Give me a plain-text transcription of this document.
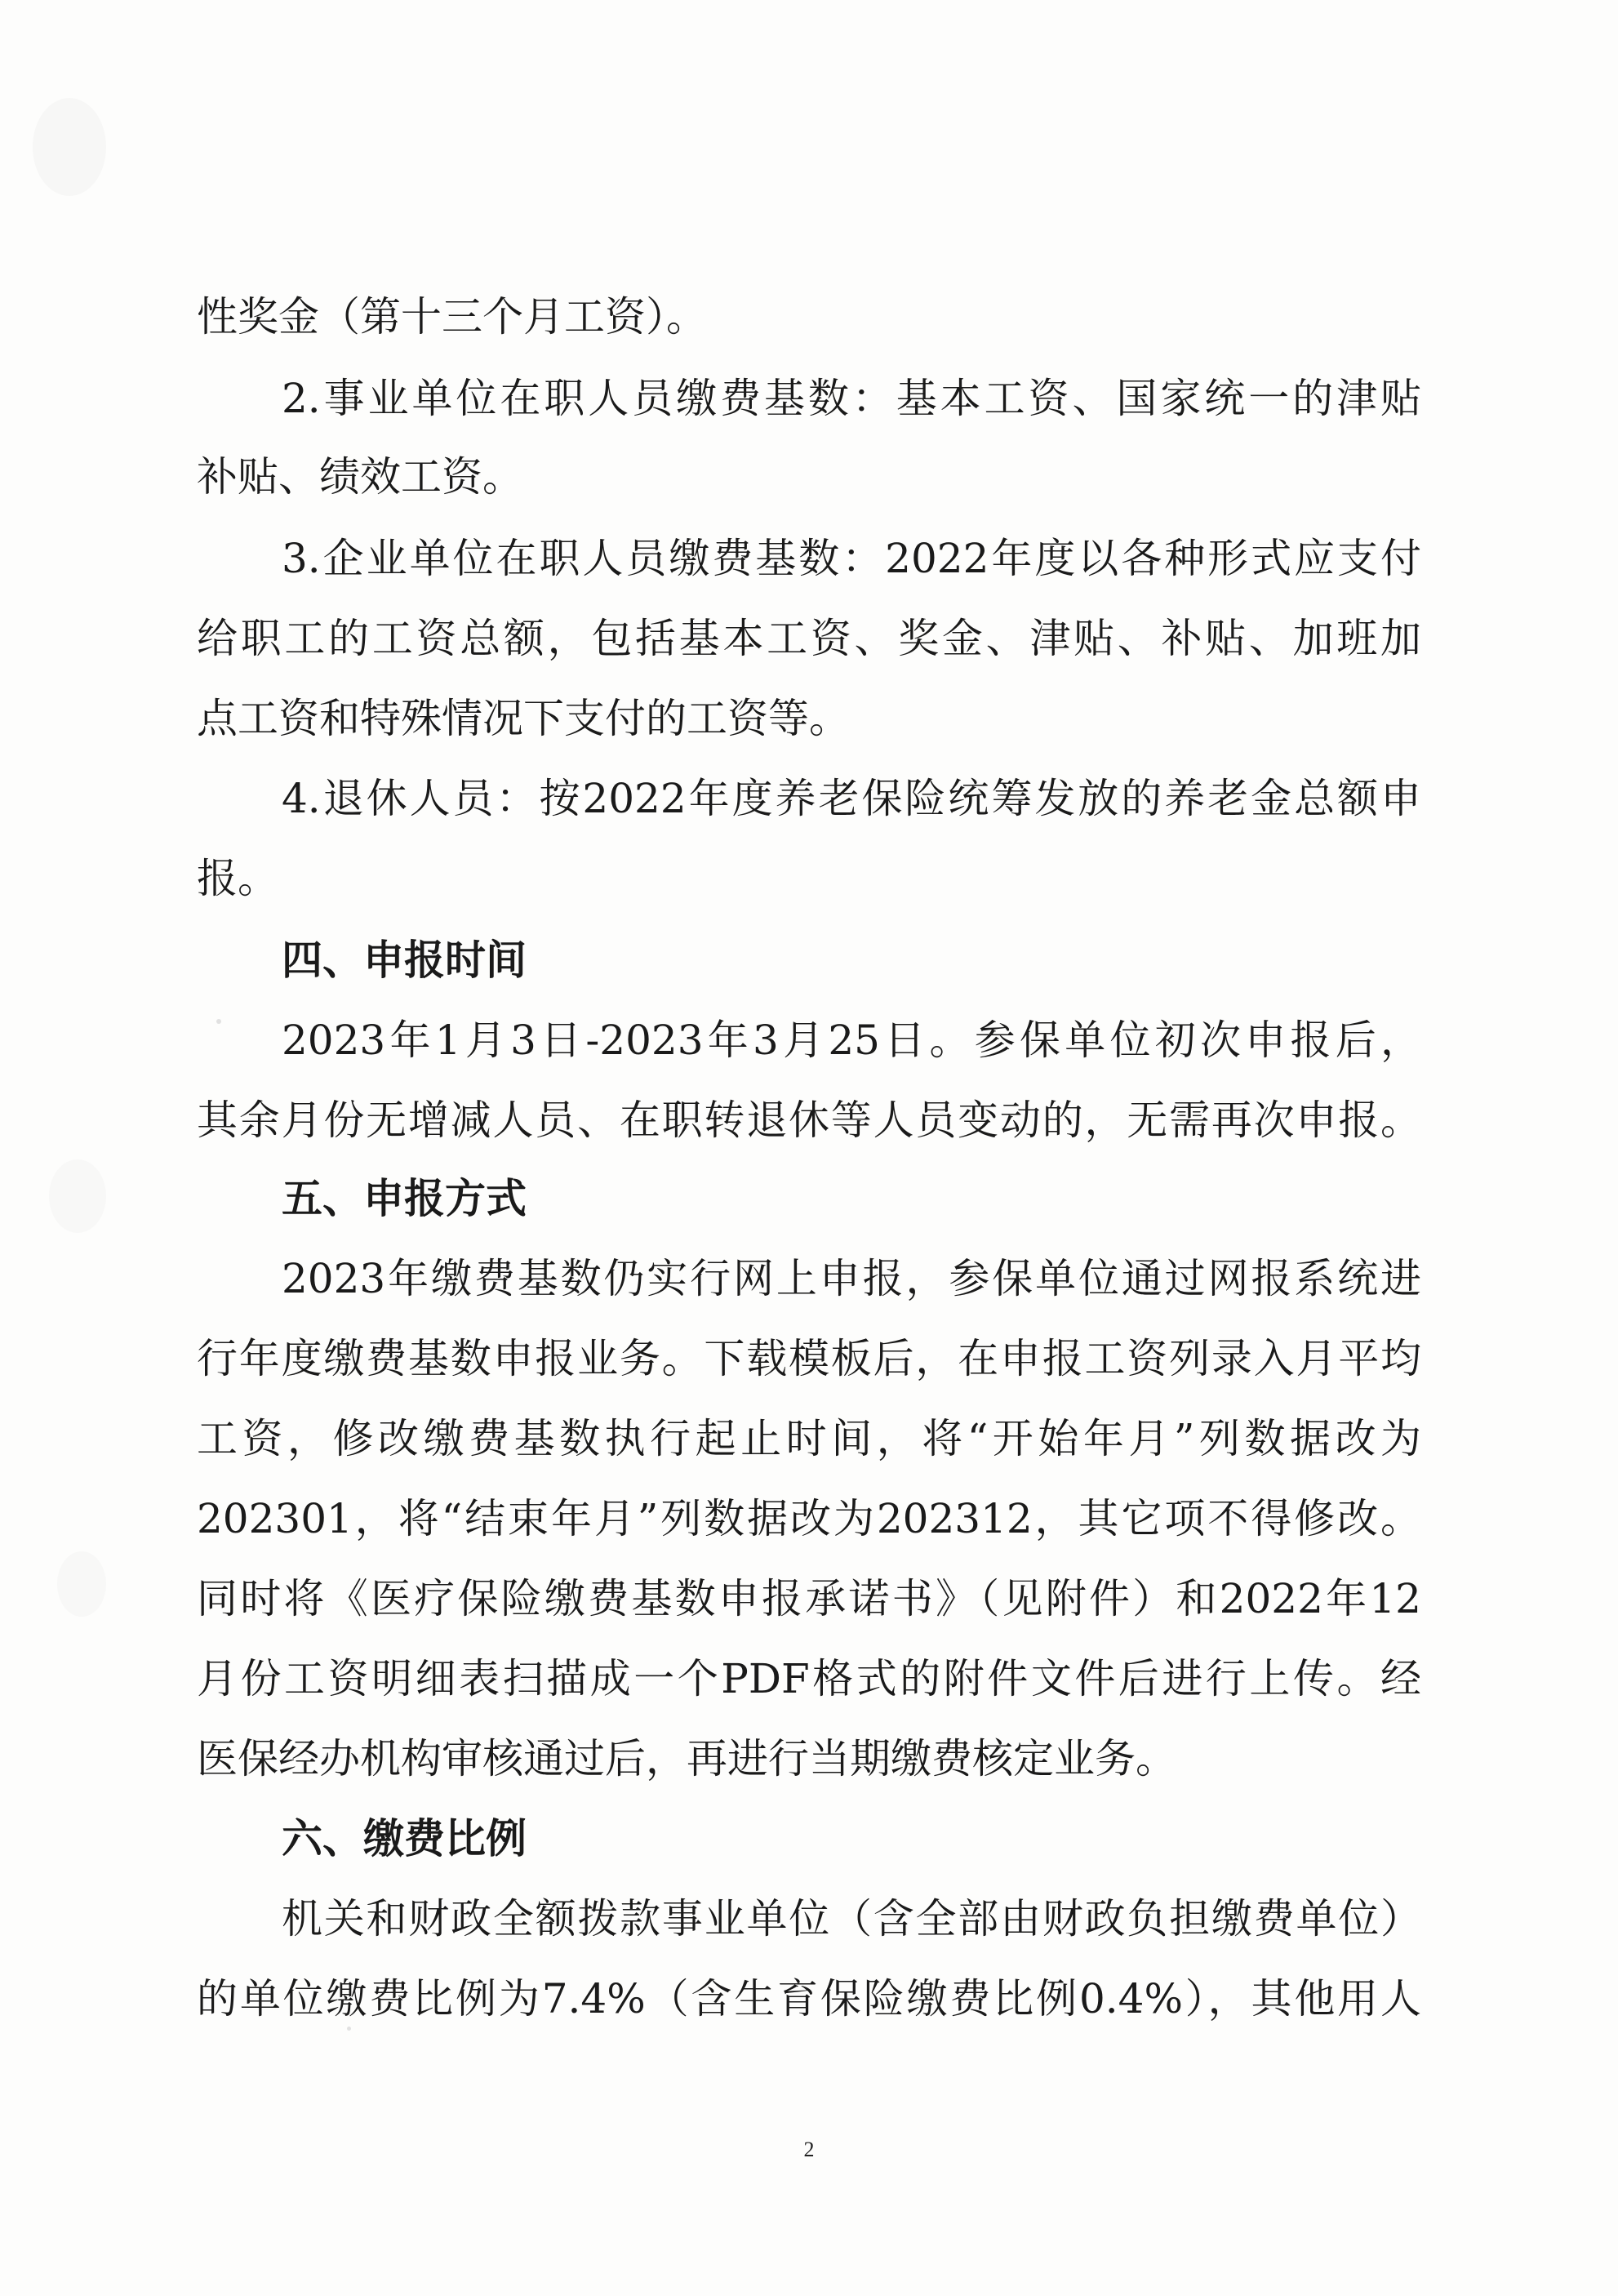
性奖金（第十三个月工资）。
2.事业单位在职人员缴费基数：基本工资、国家统一的津贴
补贴、绩效工资。
3.企业单位在职人员缴费基数：2022年度以各种形式应支付
给职工的工资总额，包括基本工资、奖金、津贴、补贴、加班加
点工资和特殊情况下支付的工资等。
4.退休人员：按2022年度养老保险统筹发放的养老金总额申
报。
四、申报时间
2023年1月3日-2023年3月25日。参保单位初次申报后，
其余月份无增减人员、在职转退休等人员变动的，无需再次申报。
五、申报方式
2023年缴费基数仍实行网上申报，参保单位通过网报系统进
行年度缴费基数申报业务。下载模板后，在申报工资列录入月平均
工资，修改缴费基数执行起止时间，将“开始年月”列数据改为
202301，将“结束年月”列数据改为202312，其它项不得修改。
同时将《医疗保险缴费基数申报承诺书》（见附件）和2022年12
月份工资明细表扫描成一个PDF格式的附件文件后进行上传。经
医保经办机构审核通过后，再进行当期缴费核定业务。
六、缴费比例
机关和财政全额拨款事业单位（含全部由财政负担缴费单位）
的单位缴费比例为7.4%（含生育保险缴费比例0.4%），其他用人
2
